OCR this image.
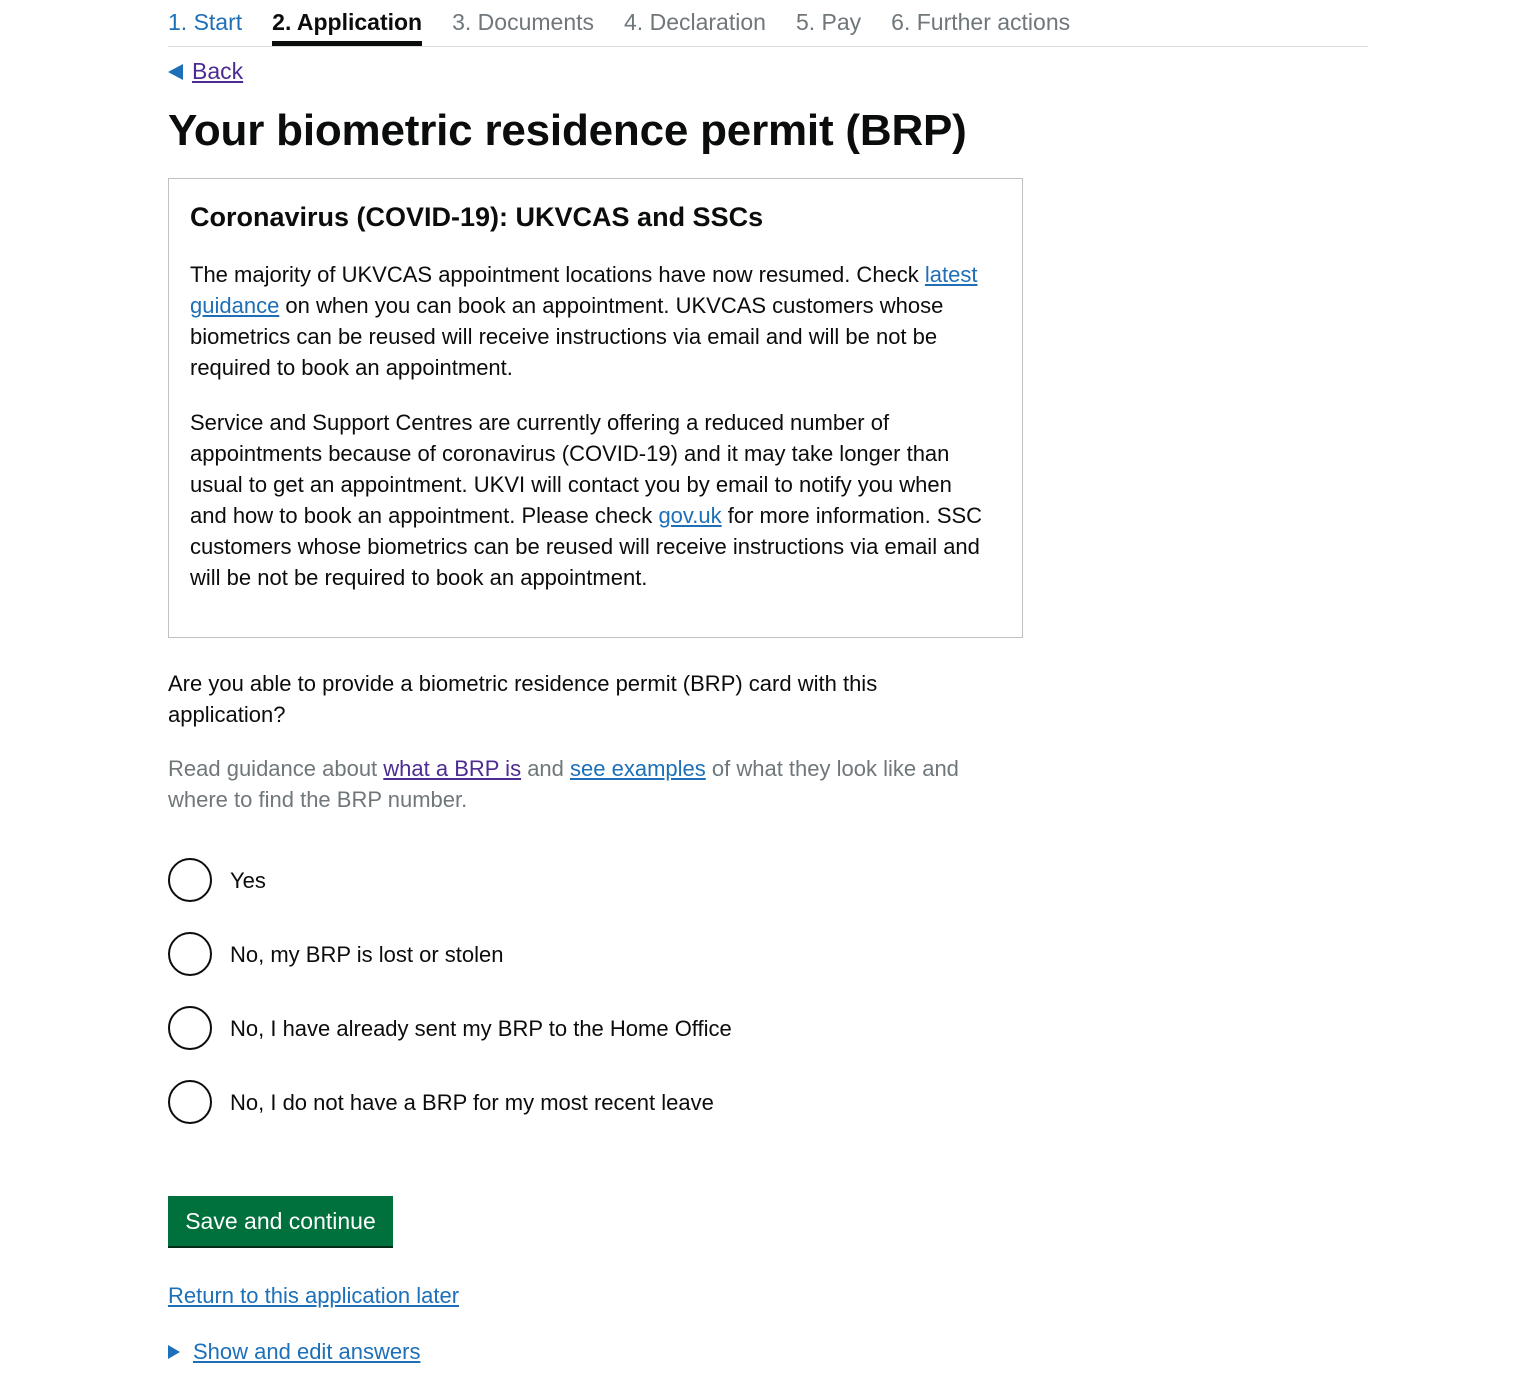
1. Start 2. Application 3. Documents 4. Declaration 5. Pay 6. Further actions
Back
Your biometric residence permit (BRP)
Coronavirus (COVID-19): UKVCAS and SSCs

The majority of UKVCAS appointment locations have now resumed. Check latest guidance on when you can book an appointment. UKVCAS customers whose biometrics can be reused will receive instructions via email and will be not be required to book an appointment.

Service and Support Centres are currently offering a reduced number of appointments because of coronavirus (COVID-19) and it may take longer than usual to get an appointment. UKVI will contact you by email to notify you when and how to book an appointment. Please check gov.uk for more information. SSC customers whose biometrics can be reused will receive instructions via email and will be not be required to book an appointment.

Are you able to provide a biometric residence permit (BRP) card with this application?

Read guidance about what a BRP is and see examples of what they look like and where to find the BRP number.

Yes
No, my BRP is lost or stolen
No, I have already sent my BRP to the Home Office
No, I do not have a BRP for my most recent leave
Save and continue
Return to this application later
Show and edit answers
